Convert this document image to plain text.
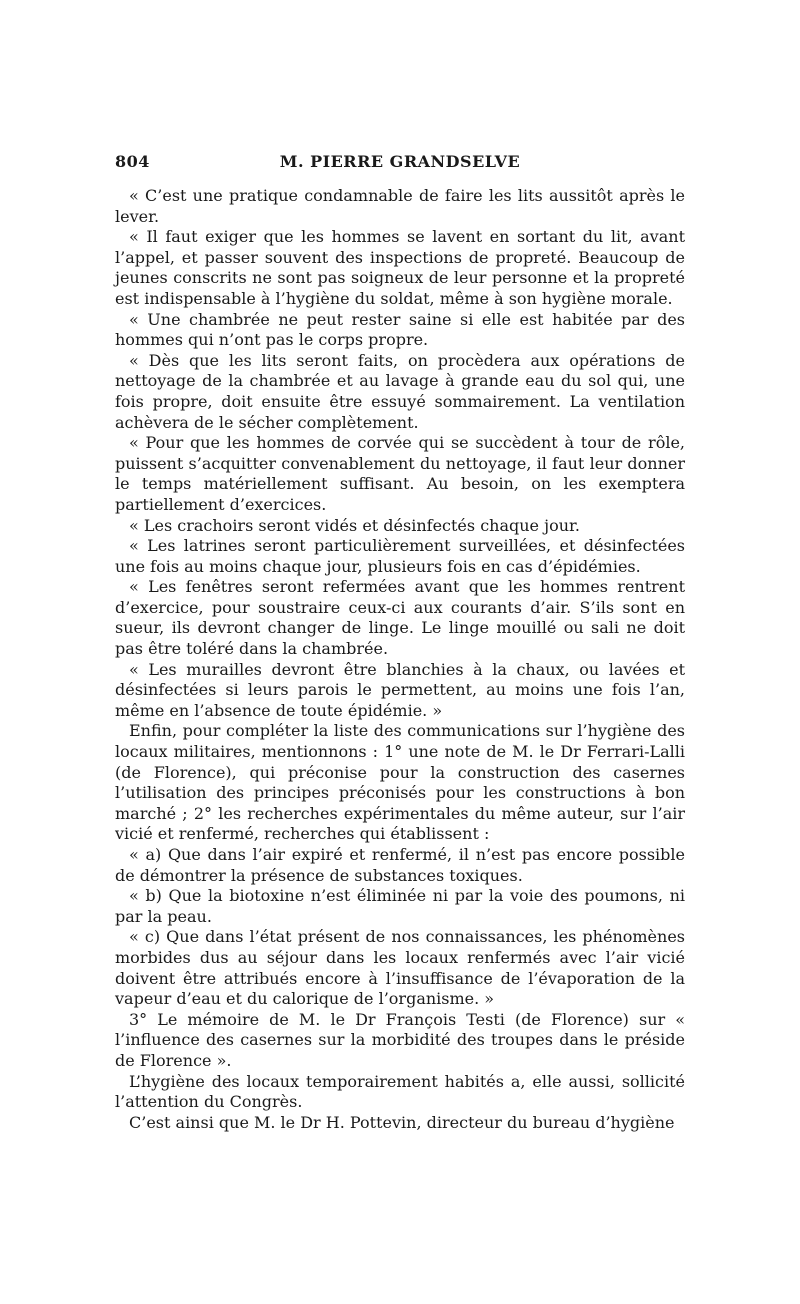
804	M. PIERRE GRANDSELVE

« C’est une pratique condamnable de faire les lits aussitôt après le lever.

« Il faut exiger que les hommes se lavent en sortant du lit, avant l’appel, et passer souvent des inspections de propreté. Beaucoup de jeunes conscrits ne sont pas soigneux de leur personne et la propreté est indispensable à l’hygiène du soldat, même à son hygiène morale.

« Une chambrée ne peut rester saine si elle est habitée par des hommes qui n’ont pas le corps propre.

« Dès que les lits seront faits, on procèdera aux opérations de nettoyage de la chambrée et au lavage à grande eau du sol qui, une fois propre, doit ensuite être essuyé sommairement. La ventilation achèvera de le sécher complètement.

« Pour que les hommes de corvée qui se succèdent à tour de rôle, puissent s’acquitter convenablement du nettoyage, il faut leur donner le temps matériellement suffisant. Au besoin, on les exemptera partiellement d’exercices.

« Les crachoirs seront vidés et désinfectés chaque jour.

« Les latrines seront particulièrement surveillées, et désinfectées une fois au moins chaque jour, plusieurs fois en cas d’épidémies.

« Les fenêtres seront refermées avant que les hommes rentrent d’exercice, pour soustraire ceux-ci aux courants d’air. S’ils sont en sueur, ils devront changer de linge. Le linge mouillé ou sali ne doit pas être toléré dans la chambrée.

« Les murailles devront être blanchies à la chaux, ou lavées et désinfectées si leurs parois le permettent, au moins une fois l’an, même en l’absence de toute épidémie. »

Enfin, pour compléter la liste des communications sur l’hygiène des locaux militaires, mentionnons : 1° une note de M. le Dr Ferrari-Lalli (de Florence), qui préconise pour la construction des casernes l’utilisation des principes préconisés pour les constructions à bon marché ; 2° les recherches expérimentales du même auteur, sur l’air vicié et renfermé, recherches qui établissent :

« a) Que dans l’air expiré et renfermé, il n’est pas encore possible de démontrer la présence de substances toxiques.

« b) Que la biotoxine n’est éliminée ni par la voie des poumons, ni par la peau.

« c) Que dans l’état présent de nos connaissances, les phénomènes morbides dus au séjour dans les locaux renfermés avec l’air vicié doivent être attribués encore à l’insuffisance de l’évaporation de la vapeur d’eau et du calorique de l’organisme. »

3° Le mémoire de M. le Dr François Testi (de Florence) sur « l’influence des casernes sur la morbidité des troupes dans le préside de Florence ».

L’hygiène des locaux temporairement habités a, elle aussi, sollicité l’attention du Congrès.

C’est ainsi que M. le Dr H. Pottevin, directeur du bureau d’hygiène
